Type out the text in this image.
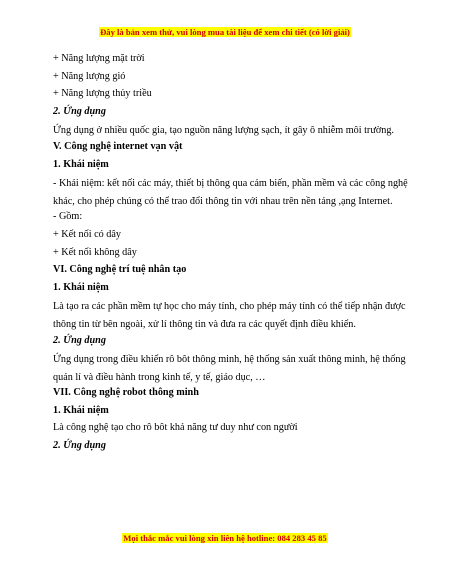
Đây là bản xem thử, vui lòng mua tài liệu để xem chi tiết (có lời giải)
+ Năng lượng mặt trời
+ Năng lượng gió
+ Năng lượng thủy triều
2. Ứng dụng
Ứng dụng ở nhiều quốc gia, tạo nguồn năng lượng sạch, ít gây ô nhiễm môi trường.
V. Công nghệ internet vạn vật
1. Khái niệm
- Khái niệm: kết nối các máy, thiết bị thông qua cảm biến, phần mềm và các công nghệ khác, cho phép chúng có thể trao đổi thông tin với nhau trên nền tảng ,ạng Internet.
- Gồm:
+ Kết nối có dây
+ Kết nối không dây
VI. Công nghệ trí tuệ nhân tạo
1. Khái niệm
Là tạo ra các phần mềm tự học cho máy tính, cho phép máy tính có thể tiếp nhận được thông tin từ bên ngoài, xử lí thông tin và đưa ra các quyết định điều khiển.
2. Ứng dụng
Ứng dụng trong điều khiển rô bôt thông minh, hệ thống sản xuất thông minh, hệ thống quản lí và điều hành trong kinh tế, y tế, giáo dục, …
VII. Công nghệ robot thông minh
1. Khái niệm
Là công nghệ tạo cho rô bôt khả năng tư duy như con người
2. Ứng dụng
Mọi thắc mắc vui lòng xin liên hệ hotline: 084 283 45 85
